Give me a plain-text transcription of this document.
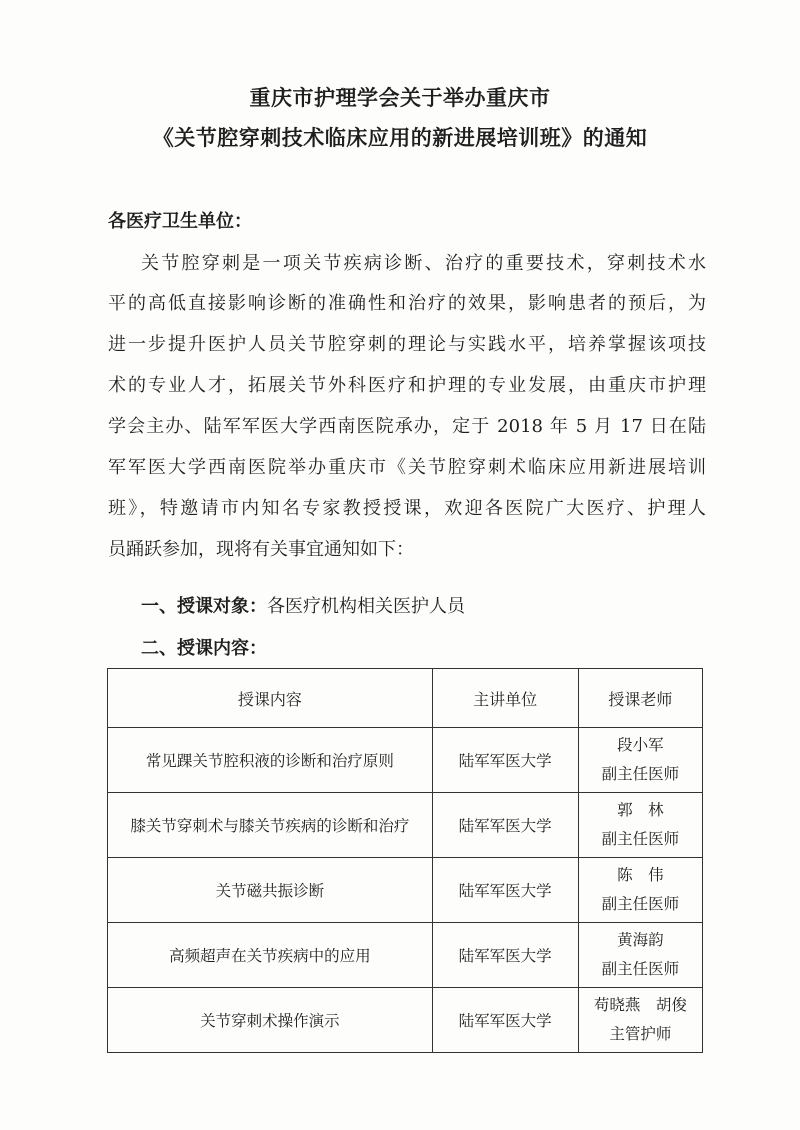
重庆市护理学会关于举办重庆市
《关节腔穿刺技术临床应用的新进展培训班》的通知
各医疗卫生单位：
关节腔穿刺是一项关节疾病诊断、治疗的重要技术，穿刺技术水
平的高低直接影响诊断的准确性和治疗的效果，影响患者的预后，为
进一步提升医护人员关节腔穿刺的理论与实践水平，培养掌握该项技
术的专业人才，拓展关节外科医疗和护理的专业发展，由重庆市护理
学会主办、陆军军医大学西南医院承办，定于 2018 年 5 月 17 日在陆
军军医大学西南医院举办重庆市《关节腔穿刺术临床应用新进展培训
班》，特邀请市内知名专家教授授课，欢迎各医院广大医疗、护理人
员踊跃参加，现将有关事宜通知如下：
一、授课对象：各医疗机构相关医护人员
二、授课内容：
授课内容	主讲单位	授课老师
常见踝关节腔积液的诊断和治疗原则	陆军军医大学	段小军
副主任医师

膝关节穿刺术与膝关节疾病的诊断和治疗	陆军军医大学	郭　林
副主任医师

关节磁共振诊断	陆军军医大学	陈　伟
副主任医师

高频超声在关节疾病中的应用	陆军军医大学	黄海韵
副主任医师

关节穿刺术操作演示	陆军军医大学	苟晓燕　胡俊
主管护师
